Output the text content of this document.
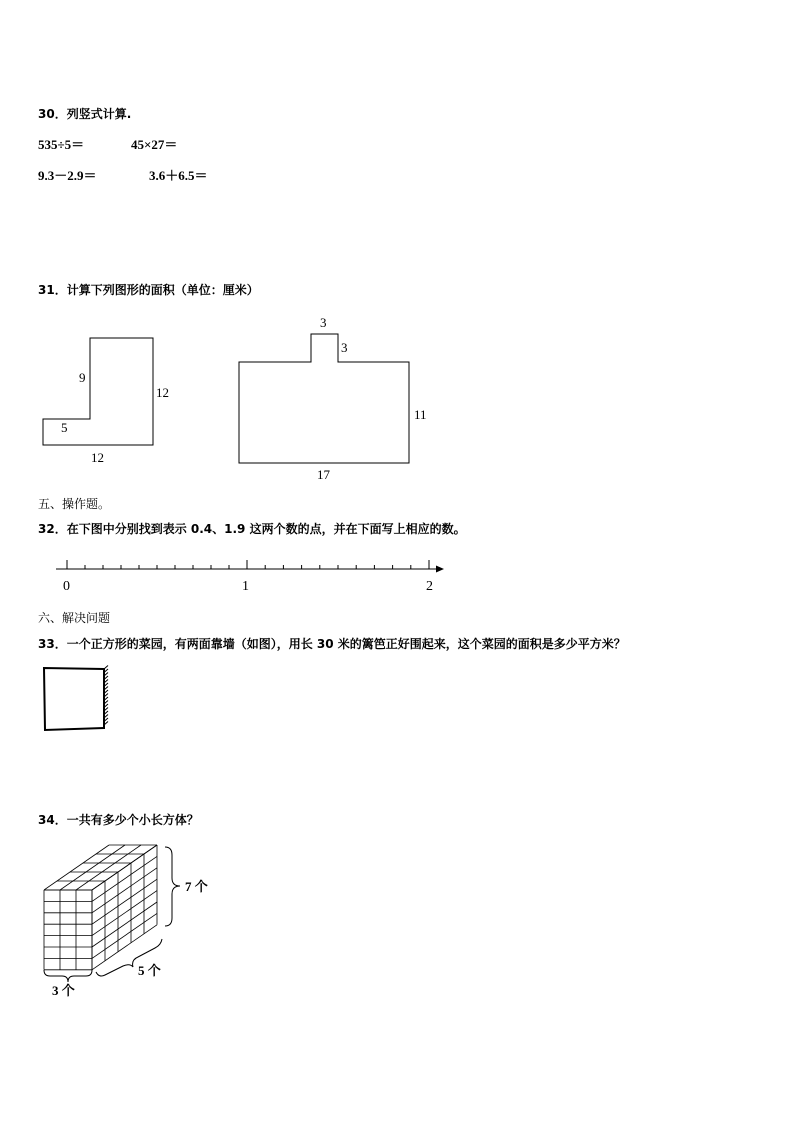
30．列竖式计算.
535÷5＝	45×27＝
9.3－2.9＝	3.6＋6.5＝
31．计算下列图形的面积（单位：厘米）
9
12
5
12
3
3
11
17
五、操作题。
32．在下图中分别找到表示 0.4、1.9 这两个数的点，并在下面写上相应的数。
0	1	2
六、解决问题
33．一个正方形的菜园，有两面靠墙（如图），用长 30 米的篱笆正好围起来，这个菜园的面积是多少平方米？
34．一共有多少个小长方体？
7 个
5 个
3 个
